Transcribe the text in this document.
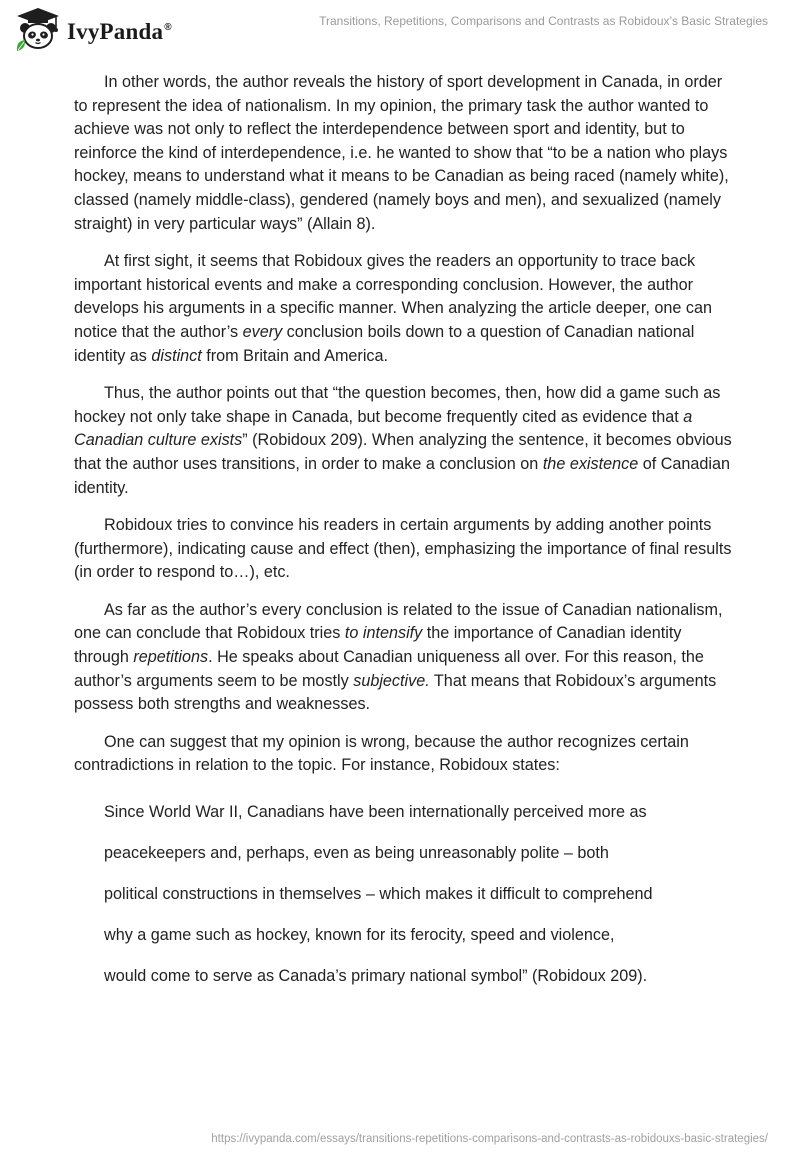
IvyPanda®	Transitions, Repetitions, Comparisons and Contrasts as Robidoux’s Basic Strategies

In other words, the author reveals the history of sport development in Canada, in order to represent the idea of nationalism. In my opinion, the primary task the author wanted to achieve was not only to reflect the interdependence between sport and identity, but to reinforce the kind of interdependence, i.e. he wanted to show that “to be a nation who plays hockey, means to understand what it means to be Canadian as being raced (namely white), classed (namely middle-class), gendered (namely boys and men), and sexualized (namely straight) in very particular ways” (Allain 8).

At first sight, it seems that Robidoux gives the readers an opportunity to trace back important historical events and make a corresponding conclusion. However, the author develops his arguments in a specific manner. When analyzing the article deeper, one can notice that the author’s every conclusion boils down to a question of Canadian national identity as distinct from Britain and America.

Thus, the author points out that “the question becomes, then, how did a game such as hockey not only take shape in Canada, but become frequently cited as evidence that a Canadian culture exists” (Robidoux 209). When analyzing the sentence, it becomes obvious that the author uses transitions, in order to make a conclusion on the existence of Canadian identity.

Robidoux tries to convince his readers in certain arguments by adding another points (furthermore), indicating cause and effect (then), emphasizing the importance of final results (in order to respond to…), etc.

As far as the author’s every conclusion is related to the issue of Canadian nationalism, one can conclude that Robidoux tries to intensify the importance of Canadian identity through repetitions. He speaks about Canadian uniqueness all over. For this reason, the author’s arguments seem to be mostly subjective. That means that Robidoux’s arguments possess both strengths and weaknesses.

One can suggest that my opinion is wrong, because the author recognizes certain contradictions in relation to the topic. For instance, Robidoux states:

Since World War II, Canadians have been internationally perceived more as
peacekeepers and, perhaps, even as being unreasonably polite – both
political constructions in themselves – which makes it difficult to comprehend
why a game such as hockey, known for its ferocity, speed and violence,
would come to serve as Canada’s primary national symbol” (Robidoux 209).
https://ivypanda.com/essays/transitions-repetitions-comparisons-and-contrasts-as-robidouxs-basic-strategies/
